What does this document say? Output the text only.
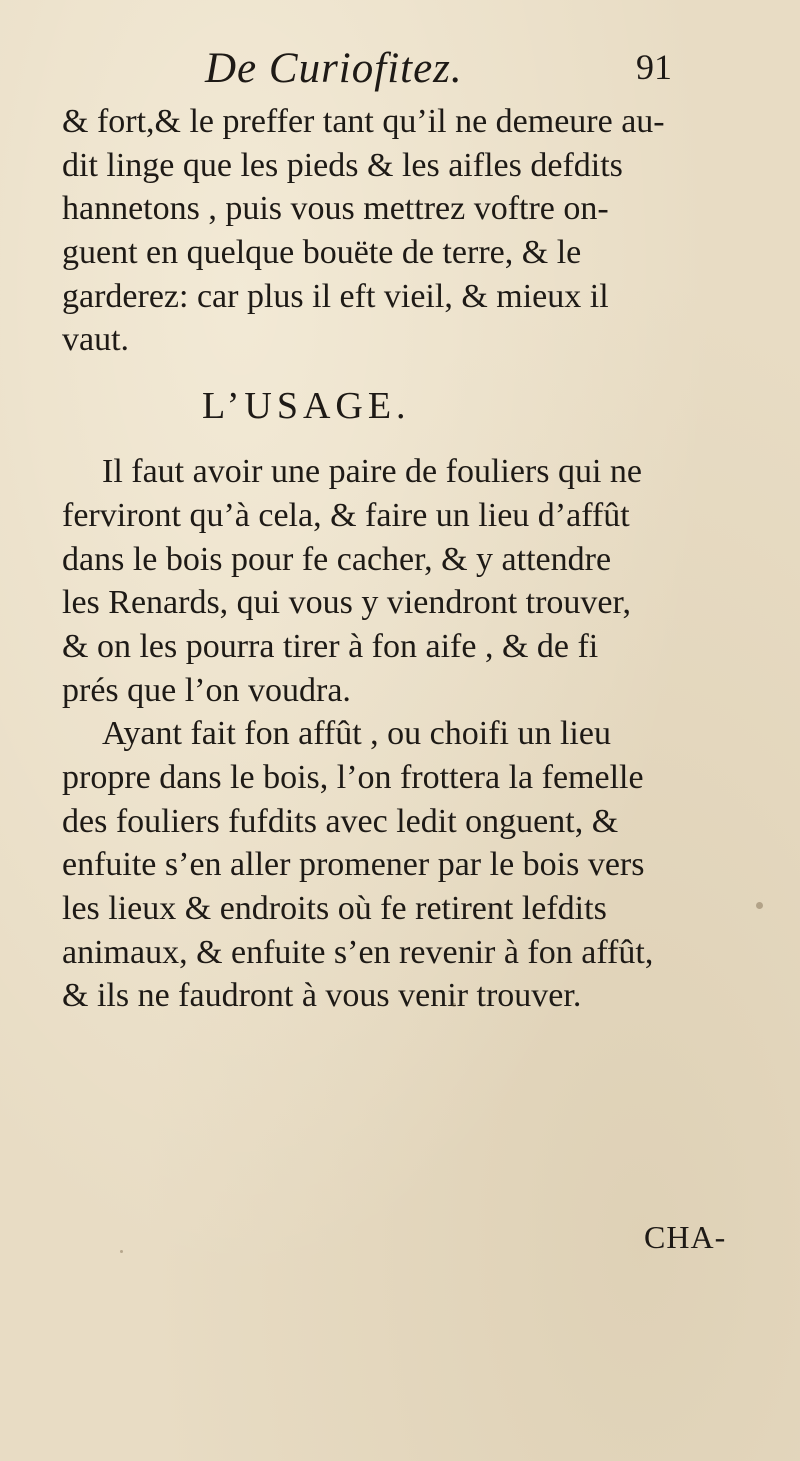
De Curiofitez.	91
& fort,& le preffer tant qu’il ne demeure au-
dit linge que les pieds & les aifles defdits
hannetons , puis vous mettrez voftre on-
guent en quelque bouëte de terre, & le
garderez: car plus il eft vieil, & mieux il
vaut.
L’USAGE.
Il faut avoir une paire de fouliers qui ne
ferviront qu’à cela, & faire un lieu d’affût
dans le bois pour fe cacher, & y attendre
les Renards, qui vous y viendront trouver,
& on les pourra tirer à fon aife , & de fi
prés que l’on voudra.
Ayant fait fon affût , ou choifi un lieu
propre dans le bois, l’on frottera la femelle
des fouliers fufdits avec ledit onguent, &
enfuite s’en aller promener par le bois vers
les lieux & endroits où fe retirent lefdits
animaux, & enfuite s’en revenir à fon affût,
& ils ne faudront à vous venir trouver.
CHA-
